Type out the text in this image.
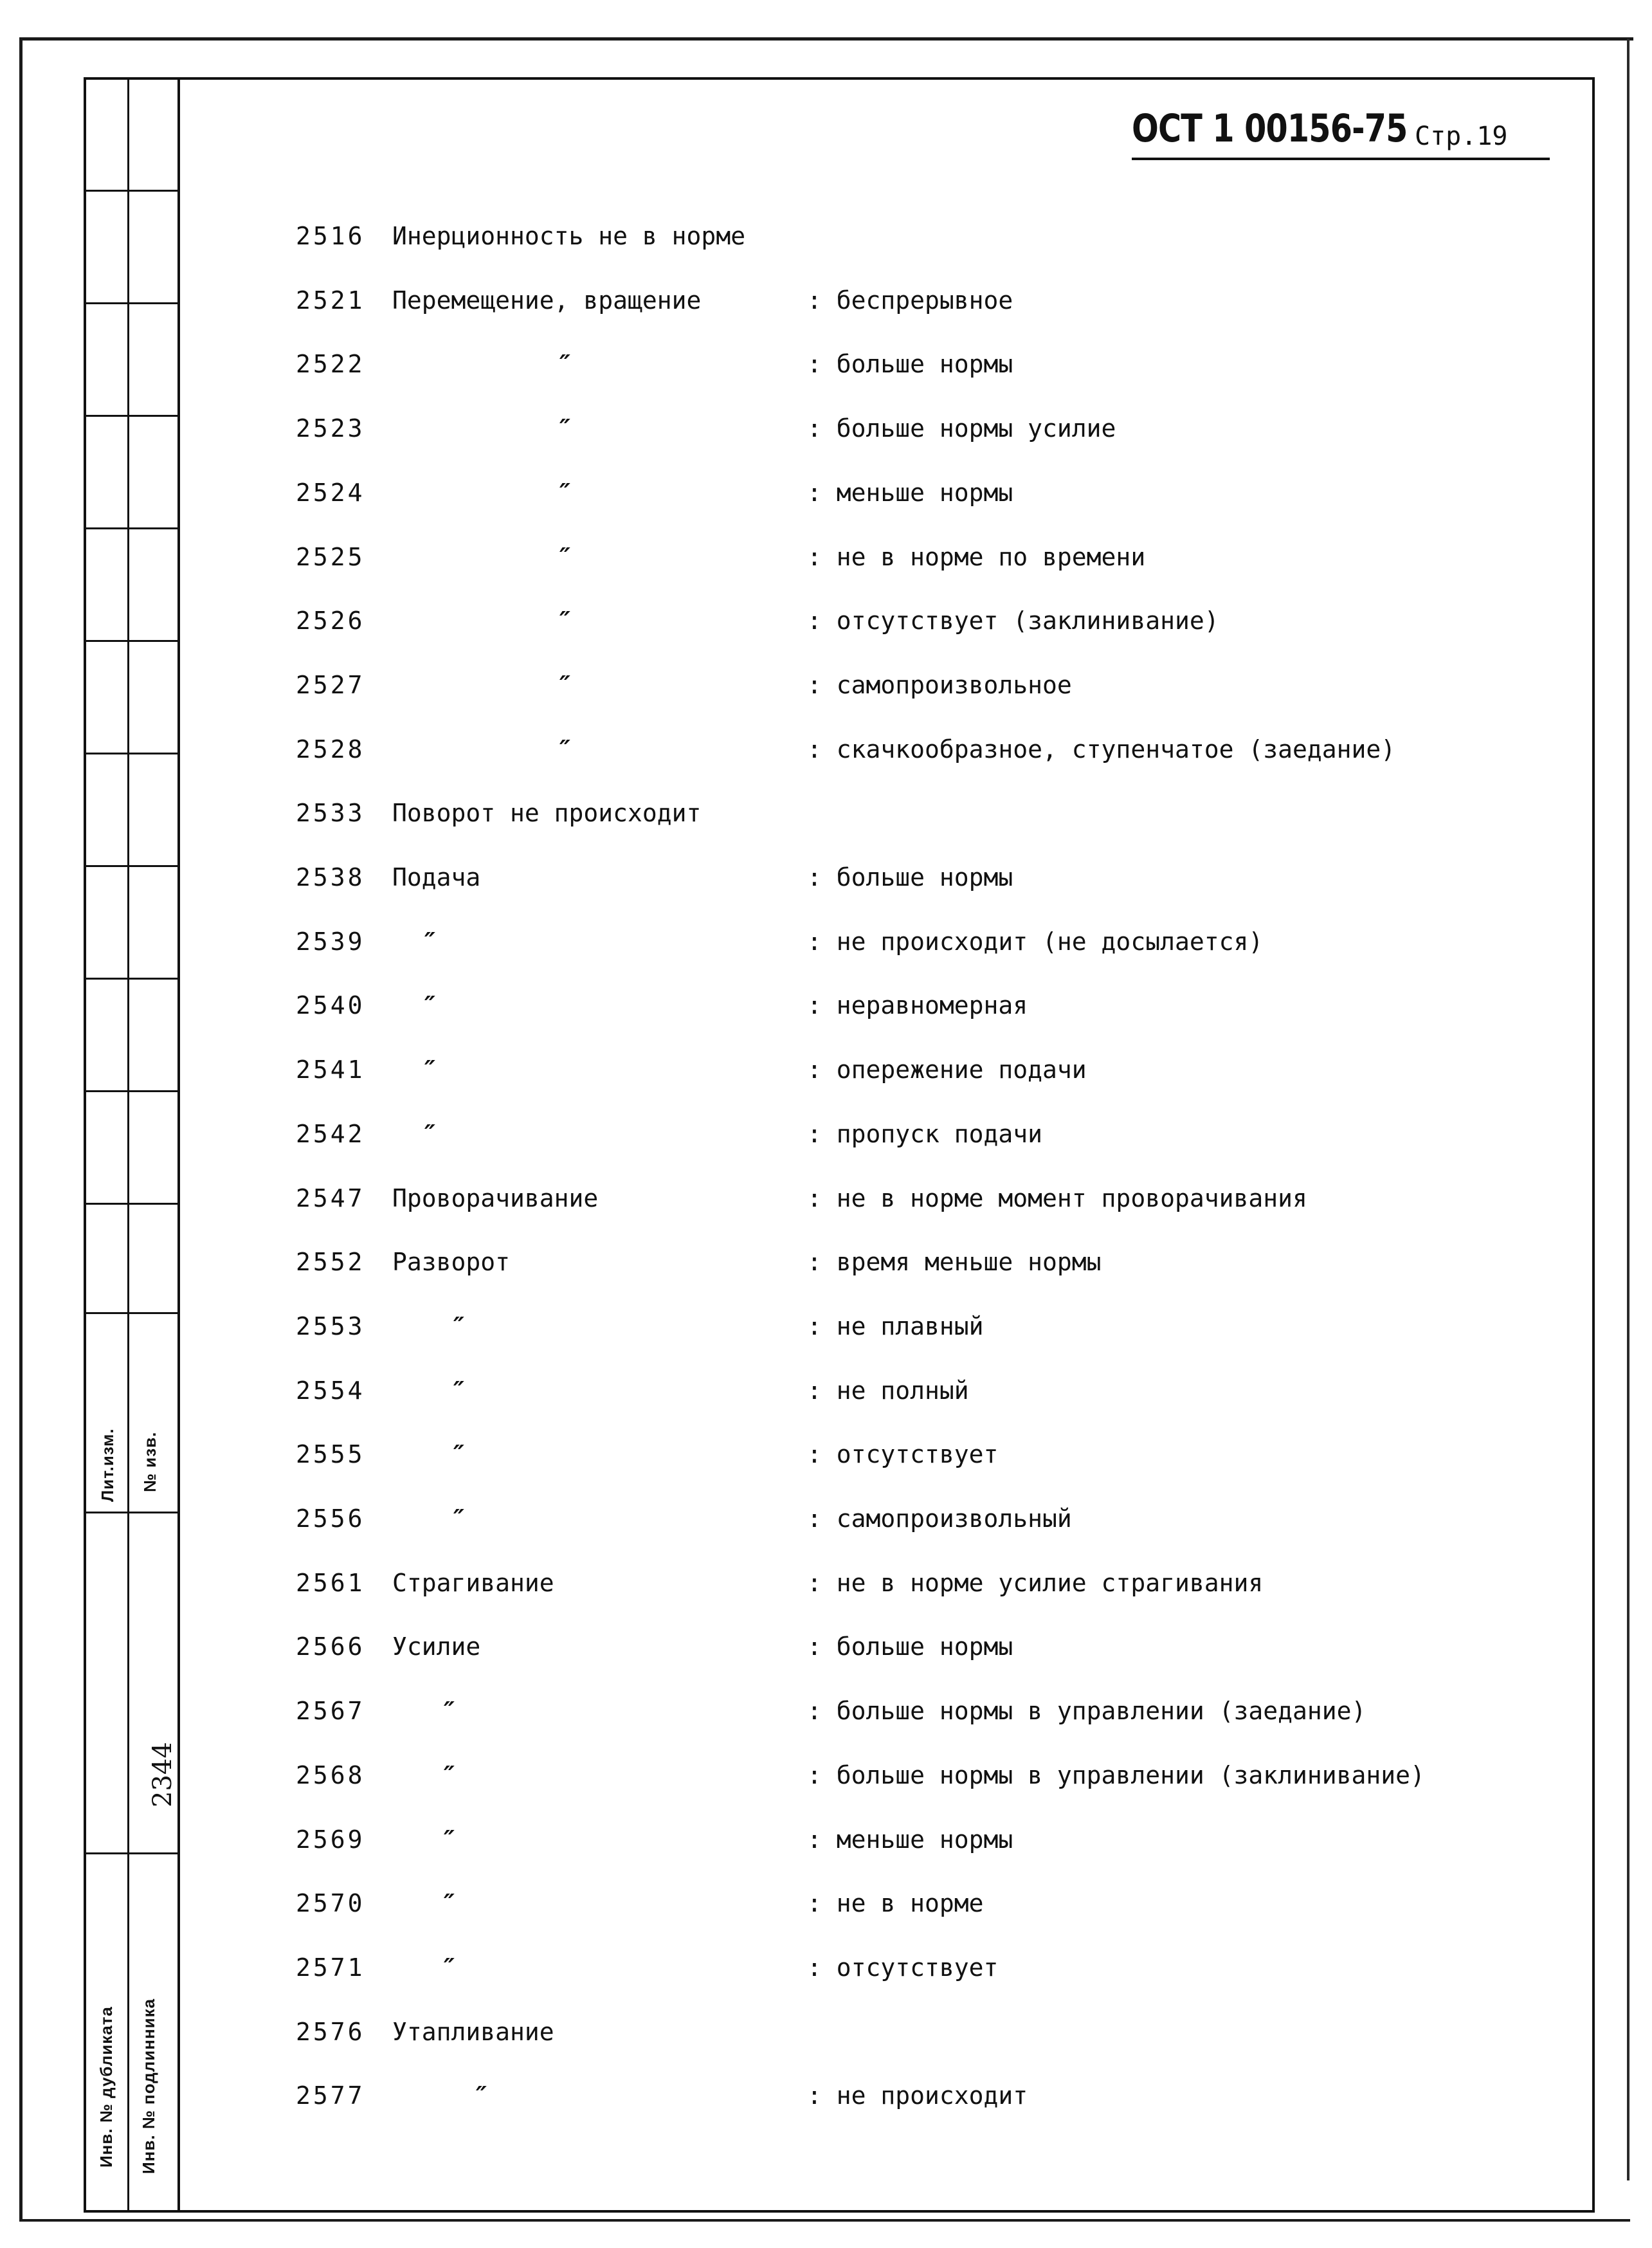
Лит.изм. № изв.
2344
Инв. № дубликата Инв. № подлинника
ОСТ 1 00156-75 Стр.19
2516 Инерционность не в норме
2521 Перемещение, вращение	: беспрерывное
2522	″	: больше нормы
2523	″	: больше нормы усилие
2524	″	: меньше нормы
2525	″	: не в норме по времени
2526	″	: отсутствует (заклинивание)
2527	″	: самопроизвольное
2528	″	: скачкообразное, ступенчатое (заедание)
2533 Поворот не происходит
2538 Подача	: больше нормы
2539 ″	: не происходит (не досылается)
2540 ″	: неравномерная
2541 ″	: опережение подачи
2542 ″	: пропуск подачи
2547 Проворачивание	: не в норме момент проворачивания
2552 Разворот	: время меньше нормы
2553	″	: не плавный
2554	″	: не полный
2555	″	: отсутствует
2556	″	: самопроизвольный
2561 Страгивание	: не в норме усилие страгивания
2566 Усилие	: больше нормы
2567	″	: больше нормы в управлении (заедание)
2568	″	: больше нормы в управлении (заклинивание)
2569	″	: меньше нормы
2570	″	: не в норме
2571	″	: отсутствует
2576 Утапливание
2577	″	: не происходит
